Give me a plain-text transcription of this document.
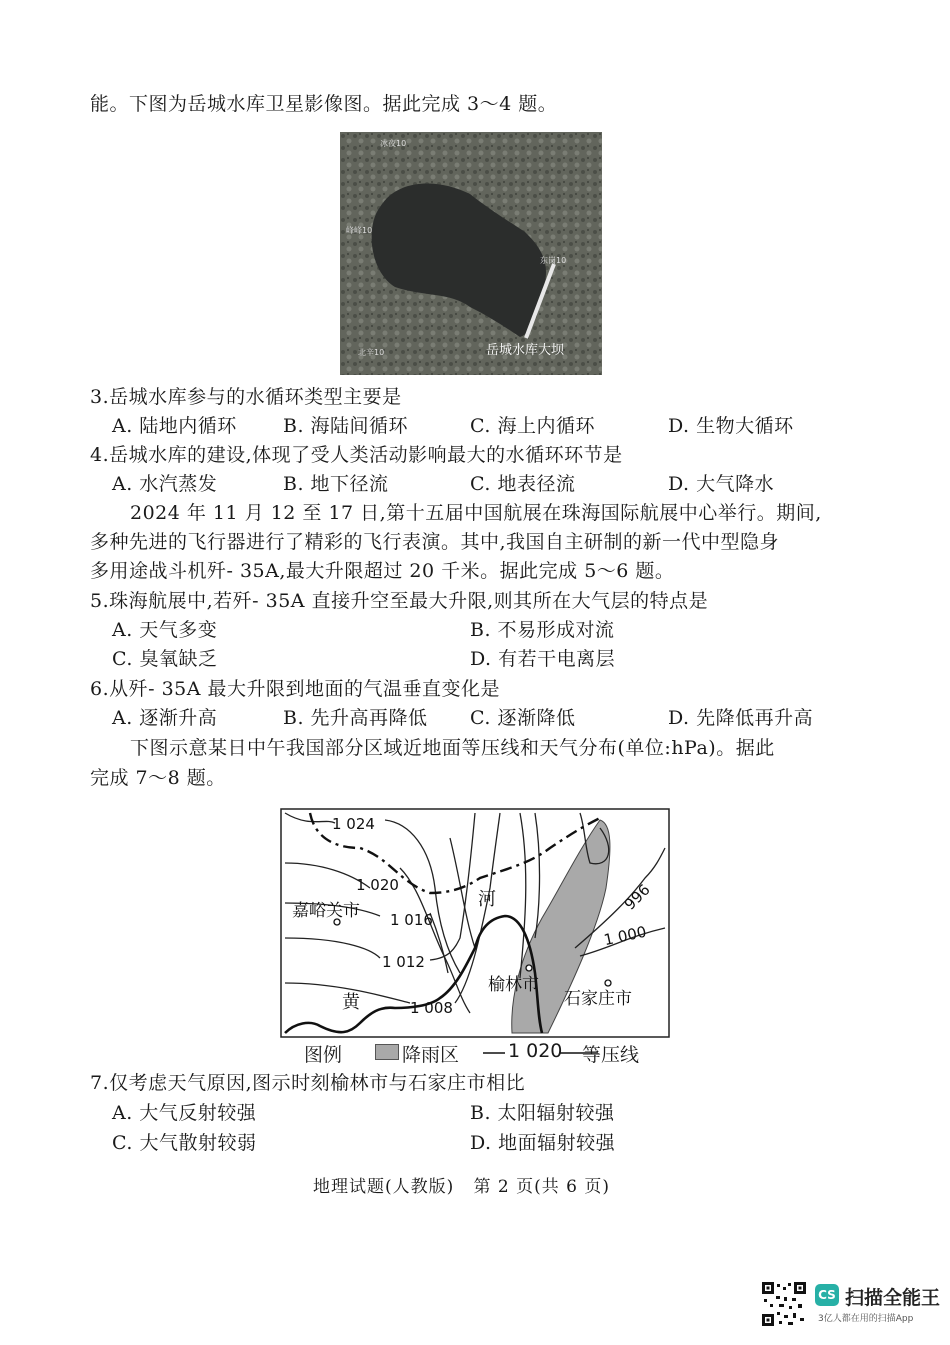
能。下图为岳城水库卫星影像图。据此完成 3～4 题。
冰夜10
峰峰10
东岗10
北辛10	岳城水库大坝
3.岳城水库参与的水循环类型主要是
A. 陆地内循环 B. 海陆间循环	C. 海上内循环	D. 生物大循环
4.岳城水库的建设,体现了受人类活动影响最大的水循环环节是
A. 水汽蒸发	B. 地下径流	C. 地表径流	D. 大气降水
2024 年 11 月 12 至 17 日,第十五届中国航展在珠海国际航展中心举行。期间,
多种先进的飞行器进行了精彩的飞行表演。其中,我国自主研制的新一代中型隐身
多用途战斗机歼- 35A,最大升限超过 20 千米。据此完成 5～6 题。
5.珠海航展中,若歼- 35A 直接升空至最大升限,则其所在大气层的特点是
A. 天气多变	B. 不易形成对流
C. 臭氧缺乏	D. 有若干电离层
6.从歼- 35A 最大升限到地面的气温垂直变化是
A. 逐渐升高	B. 先升高再降低 C. 逐渐降低	D. 先降低再升高
下图示意某日中午我国部分区域近地面等压线和天气分布(单位:hPa)。据此
完成 7～8 题。
1 024
1 020
1 016
1 012
1 008
996
1 000
河
黄
嘉峪关市
榆林市
石家庄市
图例	降雨区	1 020 等压线
7.仅考虑天气原因,图示时刻榆林市与石家庄市相比
A. 大气反射较强	B. 太阳辐射较强
C. 大气散射较弱	D. 地面辐射较强
地理试题(人教版)   第 2 页(共 6 页)
CS 扫描全能王
3亿人都在用的扫描App
